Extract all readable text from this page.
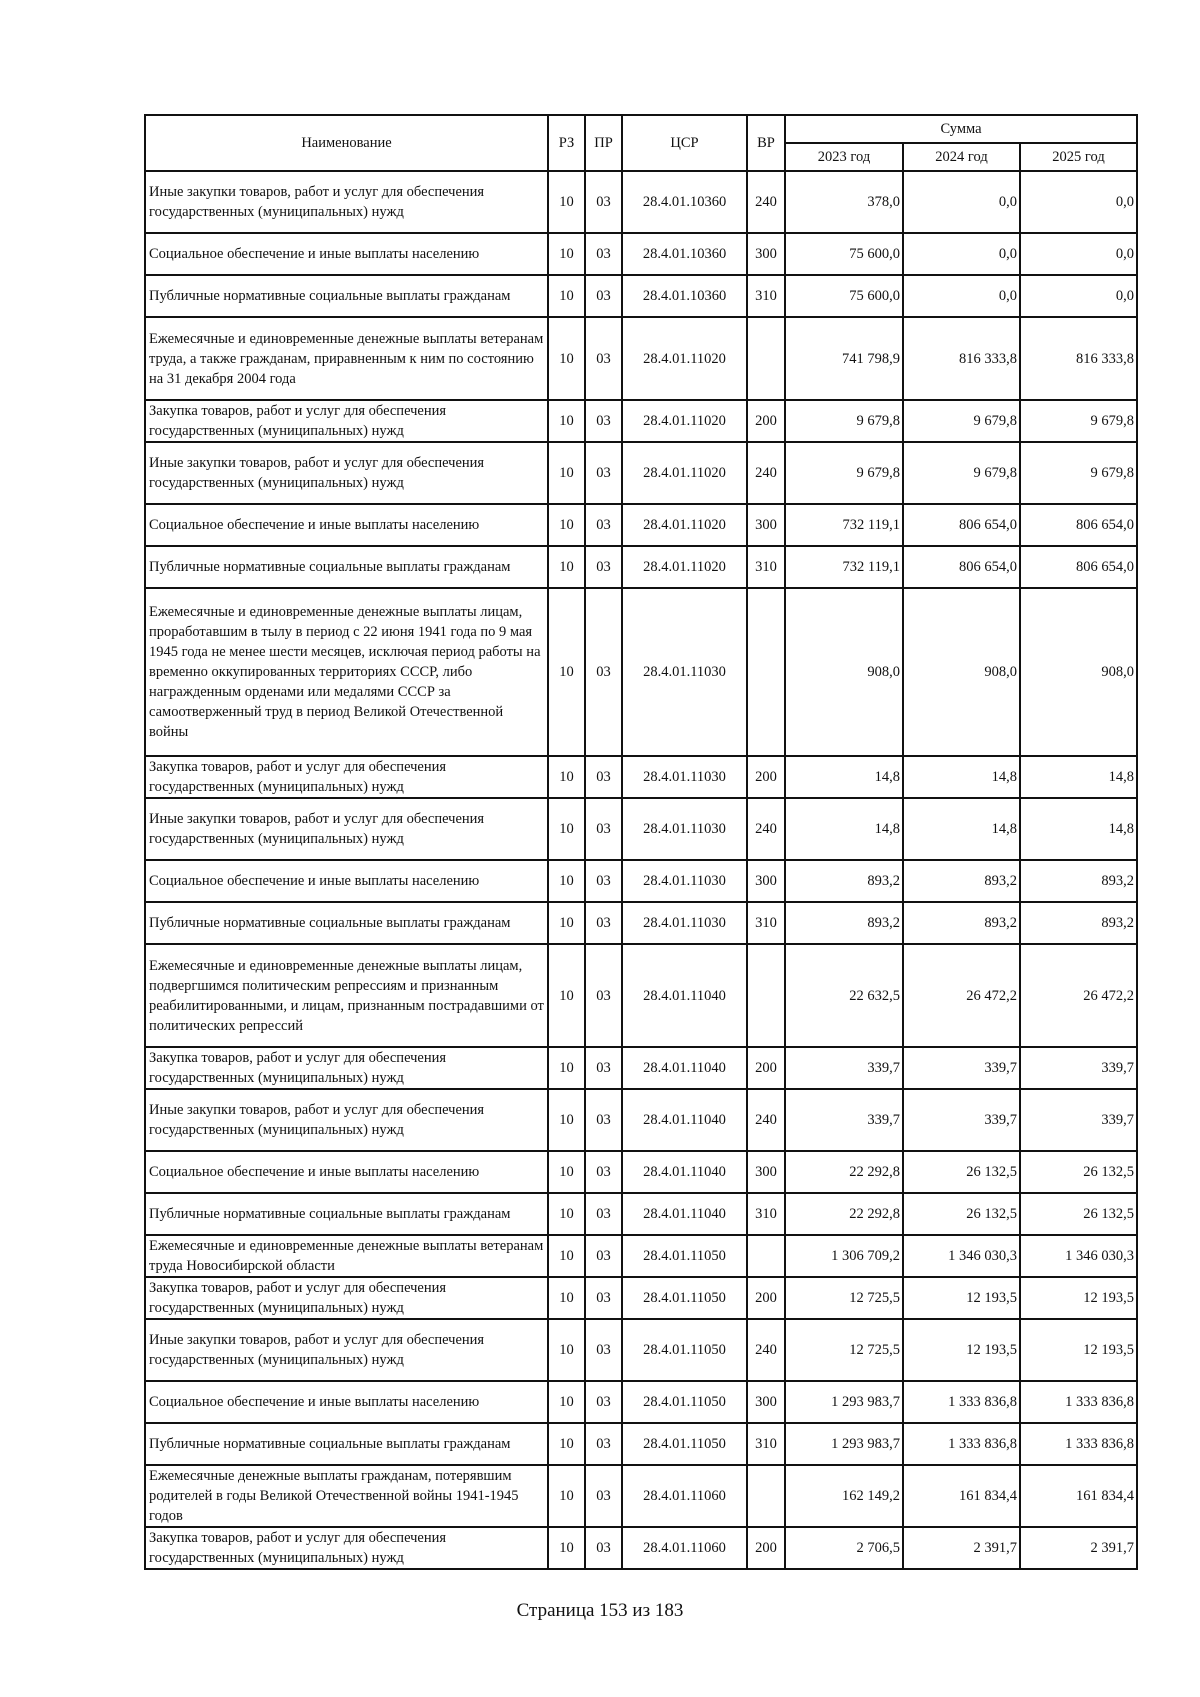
Наименование	РЗ	ПР	ЦСР	ВР	Сумма		
					2023 год	2024 год	2025 год
Иные закупки товаров, работ и услуг для обеспечения государственных (муниципальных) нужд	10	03	28.4.01.10360	240	378,0	0,0	0,0
Социальное обеспечение и иные выплаты населению	10	03	28.4.01.10360	300	75 600,0	0,0	0,0
Публичные нормативные социальные выплаты гражданам	10	03	28.4.01.10360	310	75 600,0	0,0	0,0
Ежемесячные и единовременные денежные выплаты ветеранам труда, а также гражданам, приравненным к ним по состоянию на 31 декабря 2004 года	10	03	28.4.01.11020		741 798,9	816 333,8	816 333,8
Закупка товаров, работ и услуг для обеспечения государственных (муниципальных) нужд	10	03	28.4.01.11020	200	9 679,8	9 679,8	9 679,8
Иные закупки товаров, работ и услуг для обеспечения государственных (муниципальных) нужд	10	03	28.4.01.11020	240	9 679,8	9 679,8	9 679,8
Социальное обеспечение и иные выплаты населению	10	03	28.4.01.11020	300	732 119,1	806 654,0	806 654,0
Публичные нормативные социальные выплаты гражданам	10	03	28.4.01.11020	310	732 119,1	806 654,0	806 654,0
Ежемесячные и единовременные денежные выплаты лицам, проработавшим в тылу в период с 22 июня 1941 года по 9 мая 1945 года не менее шести месяцев, исключая период работы на временно оккупированных территориях СССР, либо награжденным орденами или медалями СССР за самоотверженный труд в период Великой Отечественной войны	10	03	28.4.01.11030		908,0	908,0	908,0
Закупка товаров, работ и услуг для обеспечения государственных (муниципальных) нужд	10	03	28.4.01.11030	200	14,8	14,8	14,8
Иные закупки товаров, работ и услуг для обеспечения государственных (муниципальных) нужд	10	03	28.4.01.11030	240	14,8	14,8	14,8
Социальное обеспечение и иные выплаты населению	10	03	28.4.01.11030	300	893,2	893,2	893,2
Публичные нормативные социальные выплаты гражданам	10	03	28.4.01.11030	310	893,2	893,2	893,2
Ежемесячные и единовременные денежные выплаты лицам, подвергшимся политическим репрессиям и признанным реабилитированными, и лицам, признанным пострадавшими от политических репрессий	10	03	28.4.01.11040		22 632,5	26 472,2	26 472,2
Закупка товаров, работ и услуг для обеспечения государственных (муниципальных) нужд	10	03	28.4.01.11040	200	339,7	339,7	339,7
Иные закупки товаров, работ и услуг для обеспечения государственных (муниципальных) нужд	10	03	28.4.01.11040	240	339,7	339,7	339,7
Социальное обеспечение и иные выплаты населению	10	03	28.4.01.11040	300	22 292,8	26 132,5	26 132,5
Публичные нормативные социальные выплаты гражданам	10	03	28.4.01.11040	310	22 292,8	26 132,5	26 132,5
Ежемесячные и единовременные денежные выплаты ветеранам труда Новосибирской области	10	03	28.4.01.11050		1 306 709,2	1 346 030,3	1 346 030,3
Закупка товаров, работ и услуг для обеспечения государственных (муниципальных) нужд	10	03	28.4.01.11050	200	12 725,5	12 193,5	12 193,5
Иные закупки товаров, работ и услуг для обеспечения государственных (муниципальных) нужд	10	03	28.4.01.11050	240	12 725,5	12 193,5	12 193,5
Социальное обеспечение и иные выплаты населению	10	03	28.4.01.11050	300	1 293 983,7	1 333 836,8	1 333 836,8
Публичные нормативные социальные выплаты гражданам	10	03	28.4.01.11050	310	1 293 983,7	1 333 836,8	1 333 836,8
Ежемесячные денежные выплаты гражданам, потерявшим родителей в годы Великой Отечественной войны 1941-1945 годов	10	03	28.4.01.11060		162 149,2	161 834,4	161 834,4
Закупка товаров, работ и услуг для обеспечения государственных (муниципальных) нужд	10	03	28.4.01.11060	200	2 706,5	2 391,7	2 391,7
Страница 153 из 183
